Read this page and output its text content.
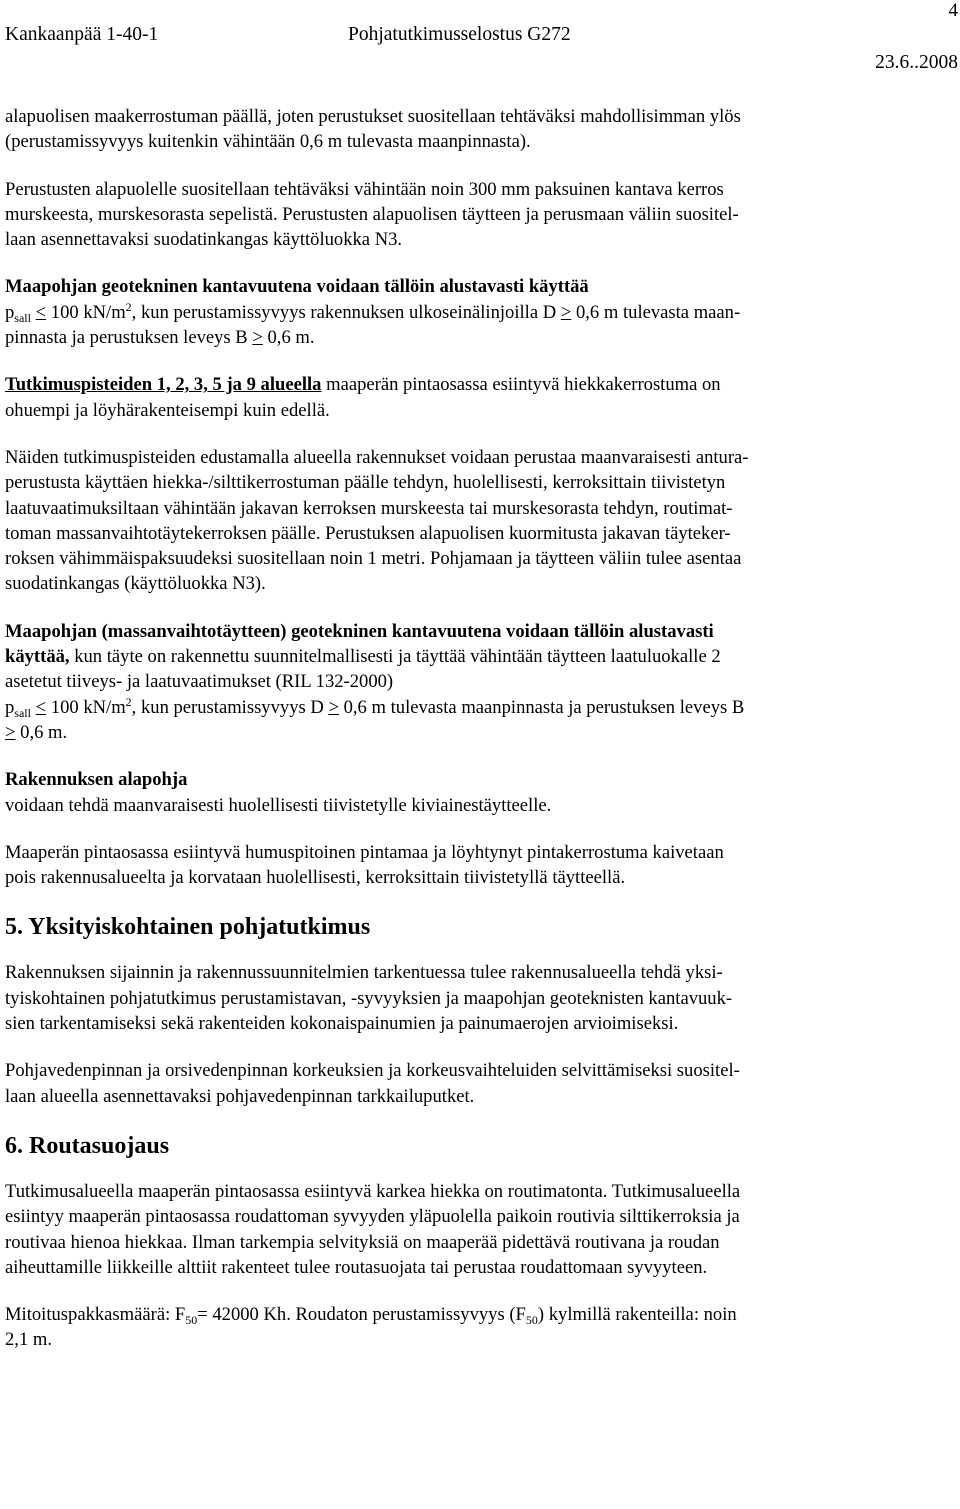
Kankaanpää 1-40-1	Pohjatutkimusselostus G272
4
23.6..2008
alapuolisen maakerrostuman päällä, joten perustukset suositellaan tehtäväksi mahdollisimman ylös
(perustamissyvyys kuitenkin vähintään 0,6 m tulevasta maanpinnasta).
Perustusten alapuolelle suositellaan tehtäväksi vähintään noin 300 mm paksuinen kantava kerros
murskeesta, murskesorasta sepelistä. Perustusten alapuolisen täytteen ja perusmaan väliin suositel-
laan asennettavaksi suodatinkangas käyttöluokka N3.
Maapohjan geotekninen kantavuutena voidaan tällöin alustavasti käyttää
$p_{sall} \le 100$ $kN/m^2$, kun perustamissyvyys rakennuksen ulkoseinälinjoilla D ≥ 0,6 m tulevasta maan-
pinnasta ja perustuksen leveys B ≥ 0,6 m.
Tutkimuspisteiden 1, 2, 3, 5 ja 9 alueella maaperän pintaosassa esiintyvä hiekkakerrostuma on
ohuempi ja löyhärakenteisempi kuin edellä.
Näiden tutkimuspisteiden edustamalla alueella rakennukset voidaan perustaa maanvaraisesti antura-
perustusta käyttäen hiekka-/silttikerrostuman päälle tehdyn, huolellisesti, kerroksittain tiivistetyn
laatuvaatimuksiltaan vähintään jakavan kerroksen murskeesta tai murskesorasta tehdyn, routimat-
toman massanvaihtotäytekerroksen päälle. Perustuksen alapuolisen kuormitusta jakavan täyteker-
roksen vähimmäispaksuudeksi suositellaan noin 1 metri. Pohjamaan ja täytteen väliin tulee asentaa
suodatinkangas (käyttöluokka N3).
Maapohjan (massanvaihtotäytteen) geotekninen kantavuutena voidaan tällöin alustavasti
käyttää, kun täyte on rakennettu suunnitelmallisesti ja täyttää vähintään täytteen laatuluokalle 2
asetetut tiiveys- ja laatuvaatimukset (RIL 132-2000)
$p_{sall} \le 100$ $kN/m^2$, kun perustamissyvyys D ≥ 0,6 m tulevasta maanpinnasta ja perustuksen leveys B
≥ 0,6 m.
Rakennuksen alapohja
voidaan tehdä maanvaraisesti huolellisesti tiivistetylle kiviainestäytteelle.
Maaperän pintaosassa esiintyvä humuspitoinen pintamaa ja löyhtynyt pintakerrostuma kaivetaan
pois rakennusalueelta ja korvataan huolellisesti, kerroksittain tiivistetyllä täytteellä.
5. Yksityiskohtainen pohjatutkimus
Rakennuksen sijainnin ja rakennussuunnitelmien tarkentuessa tulee rakennusalueella tehdä yksi-
tyiskohtainen pohjatutkimus perustamistavan, -syvyyksien ja maapohjan geoteknisten kantavuuk-
sien tarkentamiseksi sekä rakenteiden kokonaispainumien ja painumaerojen arvioimiseksi.
Pohjavedenpinnan ja orsivedenpinnan korkeuksien ja korkeusvaihteluiden selvittämiseksi suositel-
laan alueella asennettavaksi pohjavedenpinnan tarkkailuputket.
6. Routasuojaus
Tutkimusalueella maaperän pintaosassa esiintyvä karkea hiekka on routimatonta. Tutkimusalueella
esiintyy maaperän pintaosassa roudattoman syvyyden yläpuolella paikoin routivia silttikerroksia ja
routivaa hienoa hiekkaa. Ilman tarkempia selvityksiä on maaperää pidettävä routivana ja roudan
aiheuttamille liikkeille alttiit rakenteet tulee routasuojata tai perustaa roudattomaan syvyyteen.
Mitoituspakkasmäärä: $F_{50}= 42000$ Kh. Roudaton perustamissyvyys $(F_{50})$ kylmillä rakenteilla: noin
2,1 m.
